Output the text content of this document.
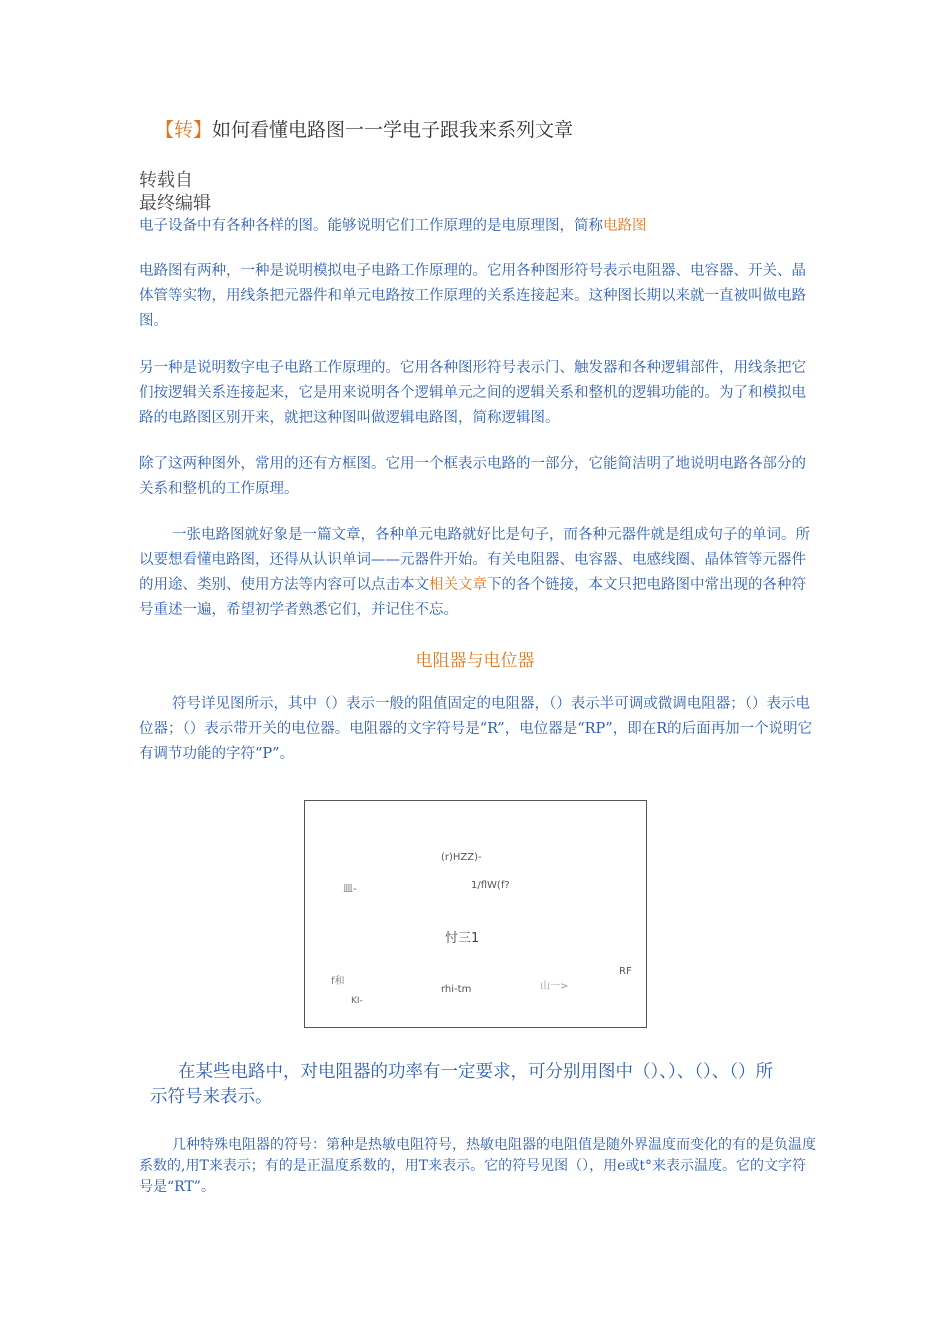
【转】如何看懂电路图一一学电子跟我来系列文章
转载自
最终编辑
电子设备中有各种各样的图。能够说明它们工作原理的是电原理图，简称电路图
电路图有两种，一种是说明模拟电子电路工作原理的。它用各种图形符号表示电阻器、电容器、开关、晶体管等实物，用线条把元器件和单元电路按工作原理的关系连接起来。这种图长期以来就一直被叫做电路图。
另一种是说明数字电子电路工作原理的。它用各种图形符号表示门、触发器和各种逻辑部件，用线条把它们按逻辑关系连接起来，它是用来说明各个逻辑单元之间的逻辑关系和整机的逻辑功能的。为了和模拟电路的电路图区别开来，就把这种图叫做逻辑电路图，简称逻辑图。
除了这两种图外，常用的还有方框图。它用一个框表示电路的一部分，它能简洁明了地说明电路各部分的关系和整机的工作原理。
一张电路图就好象是一篇文章，各种单元电路就好比是句子，而各种元器件就是组成句子的单词。所以要想看懂电路图，还得从认识单词——元器件开始。有关电阻器、电容器、电感线圈、晶体管等元器件的用途、类别、使用方法等内容可以点击本文相关文章下的各个链接，本文只把电路图中常出现的各种符号重述一遍，希望初学者熟悉它们，并记住不忘。
电阻器与电位器
符号详见图所示，其中（）表示一般的阻值固定的电阻器，（）表示半可调或微调电阻器；（）表示电位器；（）表示带开关的电位器。电阻器的文字符号是“R”，电位器是“RP”，即在R的后面再加一个说明它有调节功能的字符“P”。
(r)HZZ)-
皿-	1/flW(f?
忖三1
f和
KI-
rhi-tm	山一>
RF
在某些电路中，对电阻器的功率有一定要求，可分别用图中（）、）、（）、（）所示符号来表示。
几种特殊电阻器的符号：第种是热敏电阻符号，热敏电阻器的电阻值是随外界温度而变化的有的是负温度系数的,用T来表示；有的是正温度系数的，用T来表示。它的符号见图（），用e或t°来表示温度。它的文字符号是“RT”。
